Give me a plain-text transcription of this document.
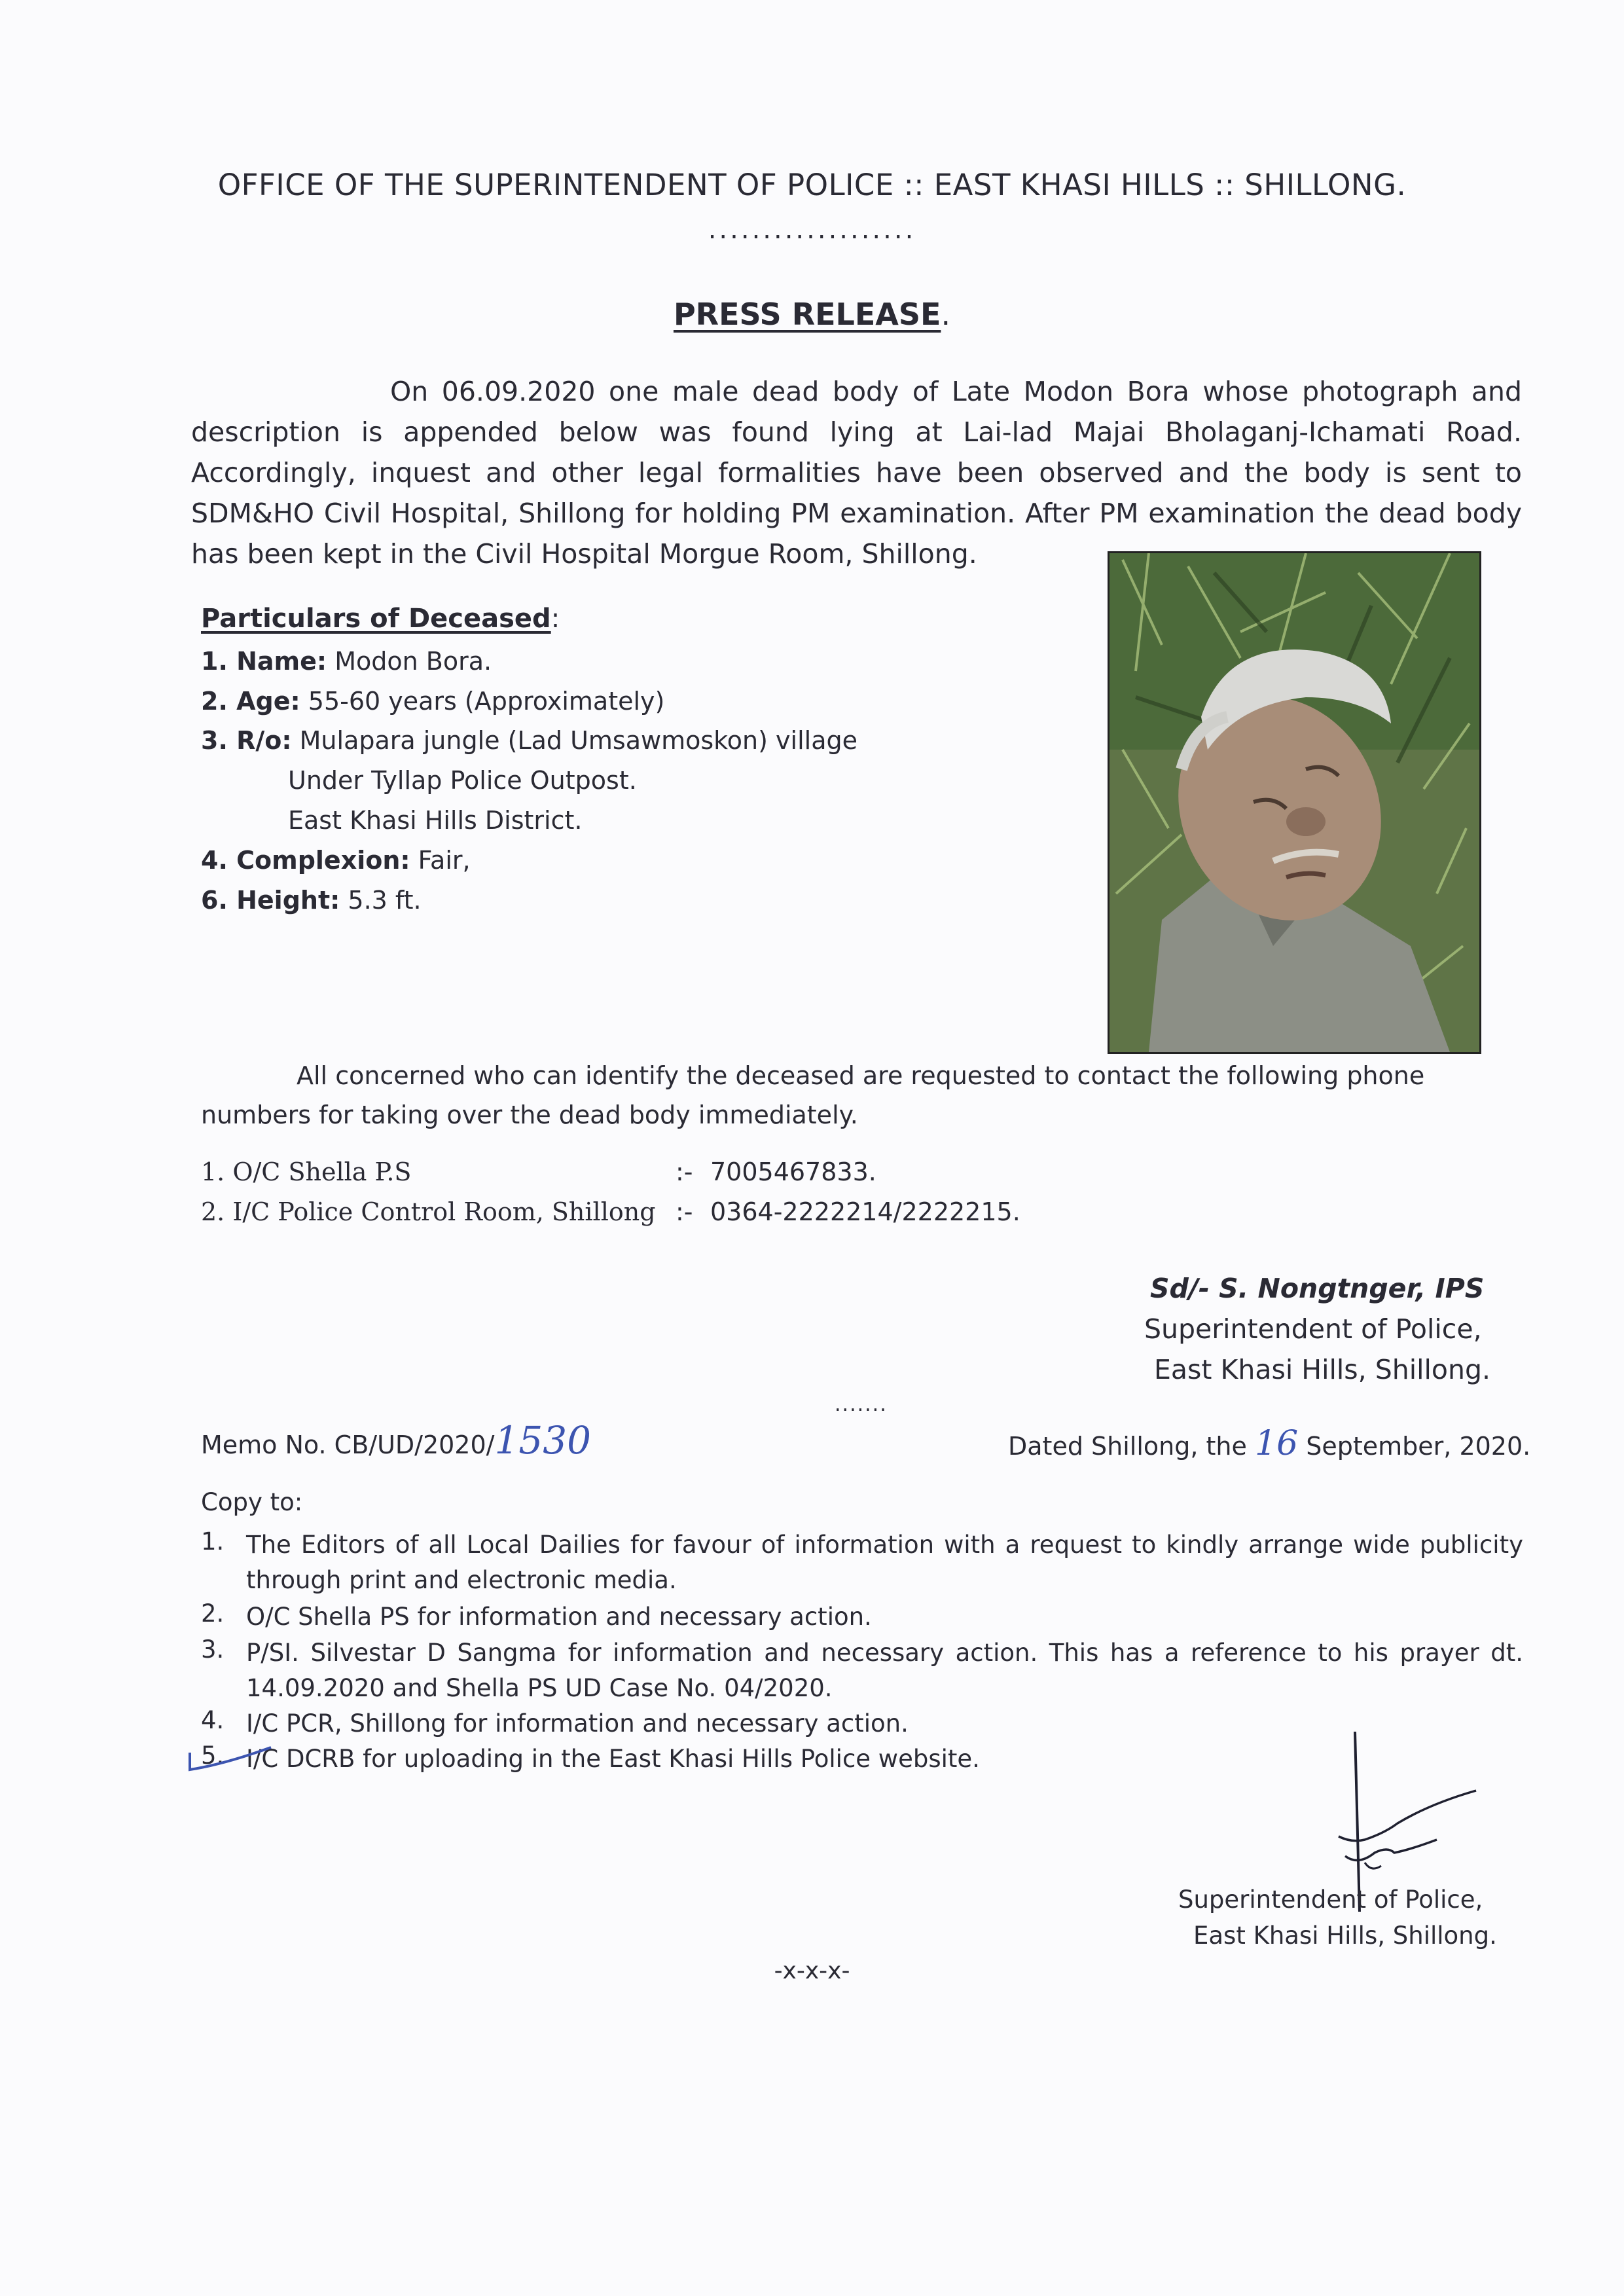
OFFICE OF THE SUPERINTENDENT OF POLICE :: EAST KHASI HILLS :: SHILLONG.
...................
PRESS RELEASE.

On 06.09.2020 one male dead body of Late Modon Bora whose photograph and description is appended below was found lying at Lai-lad Majai Bholaganj-Ichamati Road. Accordingly, inquest and other legal formalities have been observed and the body is sent to SDM&HO Civil Hospital, Shillong for holding PM examination. After PM examination the dead body has been kept in the Civil Hospital Morgue Room, Shillong.

Particulars of Deceased:
1. Name: Modon Bora.
2. Age: 55-60 years (Approximately)
3. R/o: Mulapara jungle (Lad Umsawmoskon) village
Under Tyllap Police Outpost.
East Khasi Hills District.
4. Complexion: Fair,
6. Height: 5.3 ft.

All concerned who can identify the deceased are requested to contact the following phone numbers for taking over the dead body immediately.

1. O/C Shella P.S	:- 7005467833.
2. I/C Police Control Room, Shillong :- 0364-2222214/2222215.
Sd/- S. Nongtnger, IPS
Superintendent of Police,
East Khasi Hills, Shillong.
Memo No. CB/UD/2020/1530
.......
Dated Shillong, the 16 September, 2020.
Copy to:
1. The Editors of all Local Dailies for favour of information with a request to kindly arrange wide publicity through print and electronic media.

2. O/C Shella PS for information and necessary action.

3. P/SI. Silvestar D Sangma for information and necessary action. This has a reference to his prayer dt. 14.09.2020 and Shella PS UD Case No. 04/2020.

4. I/C PCR, Shillong for information and necessary action.

5. I/C DCRB for uploading in the East Khasi Hills Police website.

Superintendent of Police,
East Khasi Hills, Shillong.
-x-x-x-
